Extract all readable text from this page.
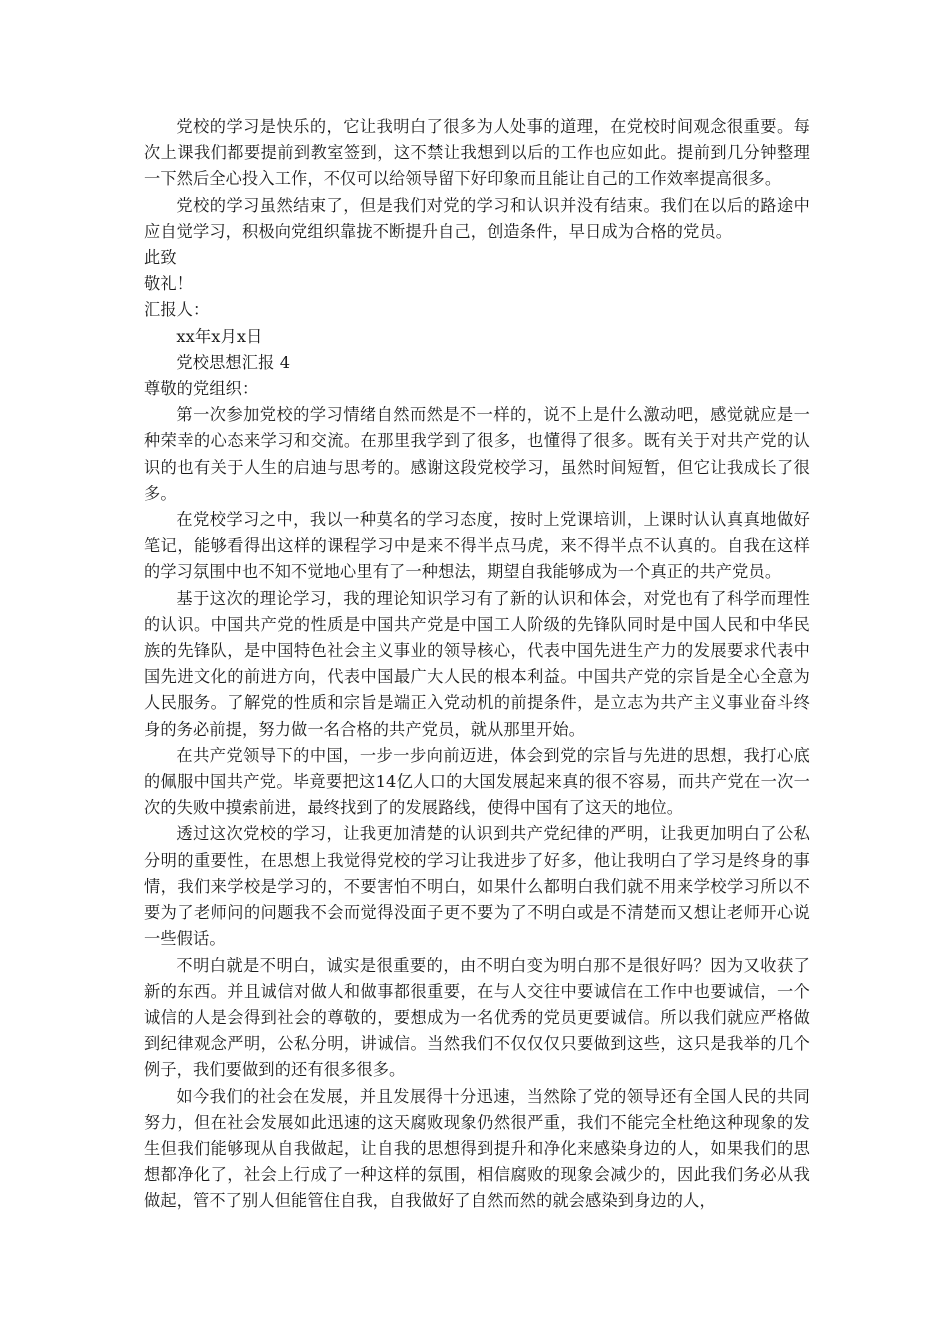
党校的学习是快乐的，它让我明白了很多为人处事的道理，在党校时间观念很重要。每次上课我们都要提前到教室签到，这不禁让我想到以后的工作也应如此。提前到几分钟整理一下然后全心投入工作，不仅可以给领导留下好印象而且能让自己的工作效率提高很多。

党校的学习虽然结束了，但是我们对党的学习和认识并没有结束。我们在以后的路途中应自觉学习，积极向党组织靠拢不断提升自己，创造条件，早日成为合格的党员。

此致

敬礼！

汇报人：

xx年x月x日

党校思想汇报 4

尊敬的党组织：

第一次参加党校的学习情绪自然而然是不一样的，说不上是什么激动吧，感觉就应是一种荣幸的心态来学习和交流。在那里我学到了很多，也懂得了很多。既有关于对共产党的认识的也有关于人生的启迪与思考的。感谢这段党校学习，虽然时间短暂，但它让我成长了很多。

在党校学习之中，我以一种莫名的学习态度，按时上党课培训，上课时认认真真地做好笔记，能够看得出这样的课程学习中是来不得半点马虎，来不得半点不认真的。自我在这样的学习氛围中也不知不觉地心里有了一种想法，期望自我能够成为一个真正的共产党员。

基于这次的理论学习，我的理论知识学习有了新的认识和体会，对党也有了科学而理性的认识。中国共产党的性质是中国共产党是中国工人阶级的先锋队同时是中国人民和中华民族的先锋队，是中国特色社会主义事业的领导核心，代表中国先进生产力的发展要求代表中国先进文化的前进方向，代表中国最广大人民的根本利益。中国共产党的宗旨是全心全意为人民服务。了解党的性质和宗旨是端正入党动机的前提条件，是立志为共产主义事业奋斗终身的务必前提，努力做一名合格的共产党员，就从那里开始。

在共产党领导下的中国，一步一步向前迈进，体会到党的宗旨与先进的思想，我打心底的佩服中国共产党。毕竟要把这14亿人口的大国发展起来真的很不容易，而共产党在一次一次的失败中摸索前进，最终找到了的发展路线，使得中国有了这天的地位。

透过这次党校的学习，让我更加清楚的认识到共产党纪律的严明，让我更加明白了公私分明的重要性，在思想上我觉得党校的学习让我进步了好多，他让我明白了学习是终身的事情，我们来学校是学习的，不要害怕不明白，如果什么都明白我们就不用来学校学习所以不要为了老师问的问题我不会而觉得没面子更不要为了不明白或是不清楚而又想让老师开心说一些假话。

不明白就是不明白，诚实是很重要的，由不明白变为明白那不是很好吗？因为又收获了新的东西。并且诚信对做人和做事都很重要，在与人交往中要诚信在工作中也要诚信，一个诚信的人是会得到社会的尊敬的，要想成为一名优秀的党员更要诚信。所以我们就应严格做到纪律观念严明，公私分明，讲诚信。当然我们不仅仅仅只要做到这些，这只是我举的几个例子，我们要做到的还有很多很多。

如今我们的社会在发展，并且发展得十分迅速，当然除了党的领导还有全国人民的共同努力，但在社会发展如此迅速的这天腐败现象仍然很严重，我们不能完全杜绝这种现象的发生但我们能够现从自我做起，让自我的思想得到提升和净化来感染身边的人，如果我们的思想都净化了，社会上行成了一种这样的氛围，相信腐败的现象会减少的，因此我们务必从我做起，管不了别人但能管住自我，自我做好了自然而然的就会感染到身边的人，
